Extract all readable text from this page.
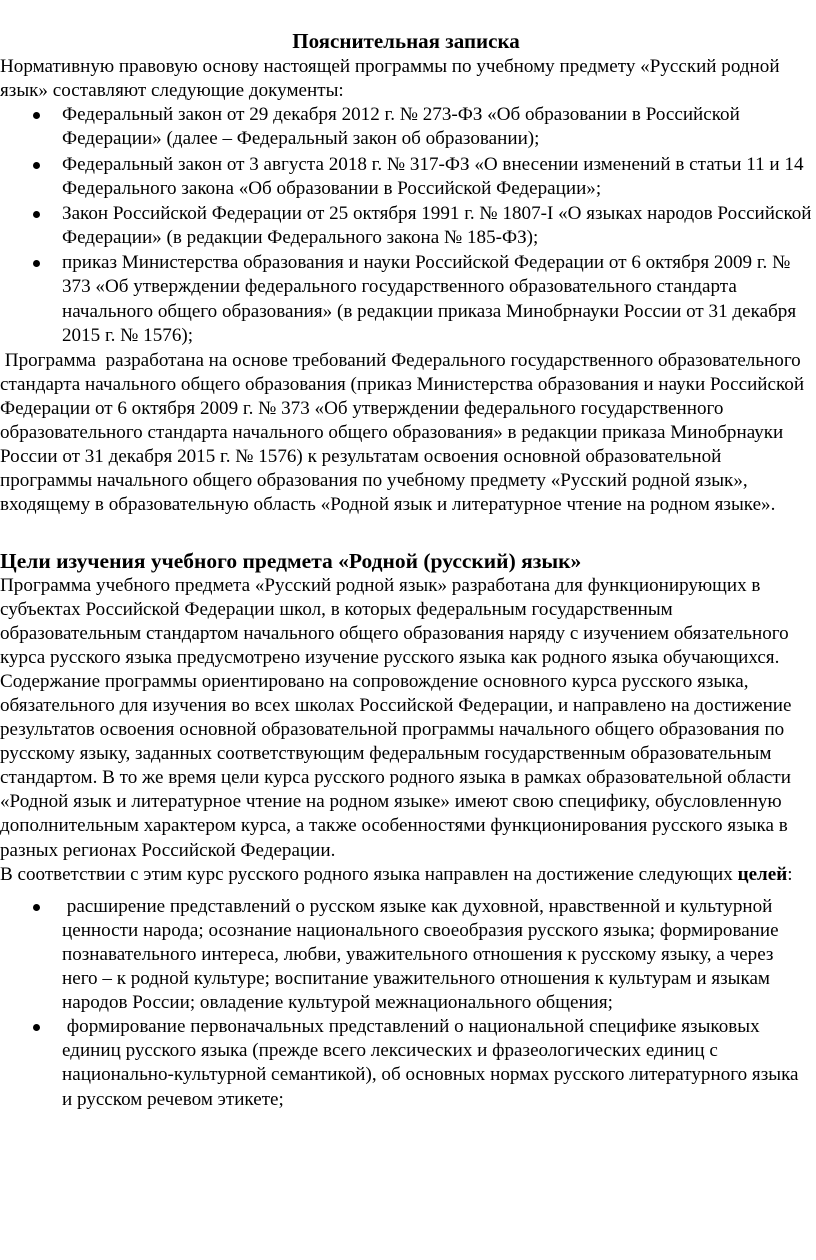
Пояснительная записка

Нормативную правовую основу настоящей программы по учебному предмету «Русский родной язык» составляют следующие документы:

Федеральный закон от 29 декабря 2012 г. № 273-ФЗ «Об образовании в Российской Федерации» (далее – Федеральный закон об образовании);
Федеральный закон от 3 августа 2018 г. № 317-ФЗ «О внесении изменений в статьи 11 и 14 Федерального закона «Об образовании в Российской Федерации»;
Закон Российской Федерации от 25 октября 1991 г. № 1807-I «О языках народов Российской Федерации» (в редакции Федерального закона № 185-ФЗ);
приказ Министерства образования и науки Российской Федерации от 6 октября 2009 г. № 373 «Об утверждении федерального государственного образовательного стандарта начального общего образования» (в редакции приказа Минобрнауки России от 31 декабря 2015 г. № 1576);

Программа  разработана на основе требований Федерального государственного образовательного стандарта начального общего образования (приказ Министерства образования и науки Российской Федерации от 6 октября 2009 г. № 373 «Об утверждении федерального государственного образовательного стандарта начального общего образования» в редакции приказа Минобрнауки России от 31 декабря 2015 г. № 1576) к результатам освоения основной образовательной программы начального общего образования по учебному предмету «Русский родной язык», входящему в образовательную область «Родной язык и литературное чтение на родном языке».

Цели изучения учебного предмета «Родной (русский) язык»

Программа учебного предмета «Русский родной язык» разработана для функционирующих в субъектах Российской Федерации школ, в которых федеральным государственным образовательным стандартом начального общего образования наряду с изучением обязательного курса русского языка предусмотрено изучение русского языка как родного языка обучающихся.

Содержание программы ориентировано на сопровождение основного курса русского языка, обязательного для изучения во всех школах Российской Федерации, и направлено на достижение результатов освоения основной образовательной программы начального общего образования по русскому языку, заданных соответствующим федеральным государственным образовательным стандартом. В то же время цели курса русского родного языка в рамках образовательной области «Родной язык и литературное чтение на родном языке» имеют свою специфику, обусловленную дополнительным характером курса, а также особенностями функционирования русского языка в разных регионах Российской Федерации.

В соответствии с этим курс русского родного языка направлен на достижение следующих целей:

расширение представлений о русском языке как духовной, нравственной и культурной ценности народа; осознание национального своеобразия русского языка; формирование познавательного интереса, любви, уважительного отношения к русскому языку, а через него – к родной культуре; воспитание уважительного отношения к культурам и языкам народов России; овладение культурой межнационального общения;
формирование первоначальных представлений о национальной специфике языковых единиц русского языка (прежде всего лексических и фразеологических единиц с национально-культурной семантикой), об основных нормах русского литературного языка и русском речевом этикете;
